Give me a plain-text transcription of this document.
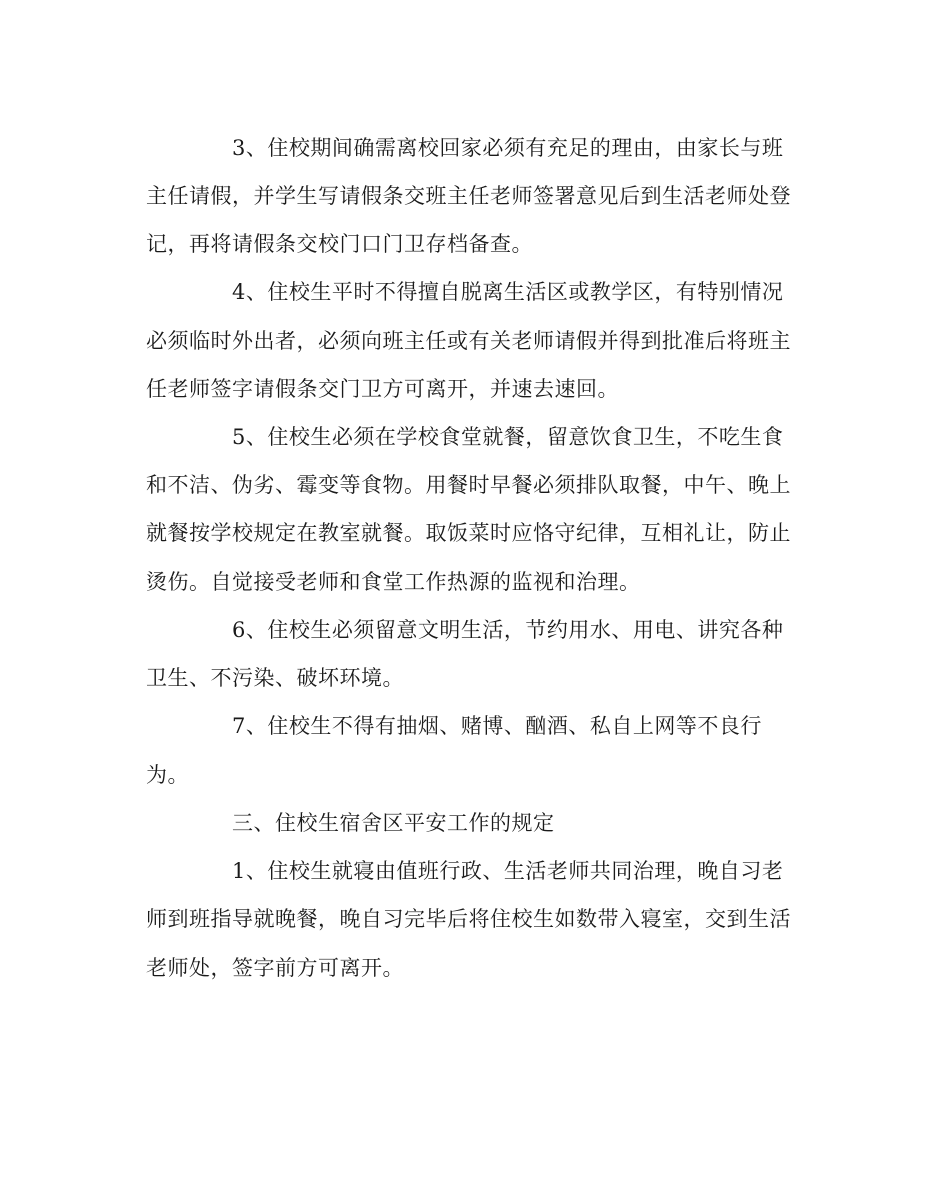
3、住校期间确需离校回家必须有充足的理由，由家长与班
主任请假，并学生写请假条交班主任老师签署意见后到生活老师处登
记，再将请假条交校门口门卫存档备查。
4、住校生平时不得擅自脱离生活区或教学区，有特别情况
必须临时外出者，必须向班主任或有关老师请假并得到批准后将班主
任老师签字请假条交门卫方可离开，并速去速回。
5、住校生必须在学校食堂就餐，留意饮食卫生，不吃生食
和不洁、伪劣、霉变等食物。用餐时早餐必须排队取餐，中午、晚上
就餐按学校规定在教室就餐。取饭菜时应恪守纪律，互相礼让，防止
烫伤。自觉接受老师和食堂工作热源的监视和治理。
6、住校生必须留意文明生活，节约用水、用电、讲究各种
卫生、不污染、破坏环境。
7、住校生不得有抽烟、赌博、酗酒、私自上网等不良行
为。
三、住校生宿舍区平安工作的规定
1、住校生就寝由值班行政、生活老师共同治理，晚自习老
师到班指导就晚餐，晚自习完毕后将住校生如数带入寝室，交到生活
老师处，签字前方可离开。
